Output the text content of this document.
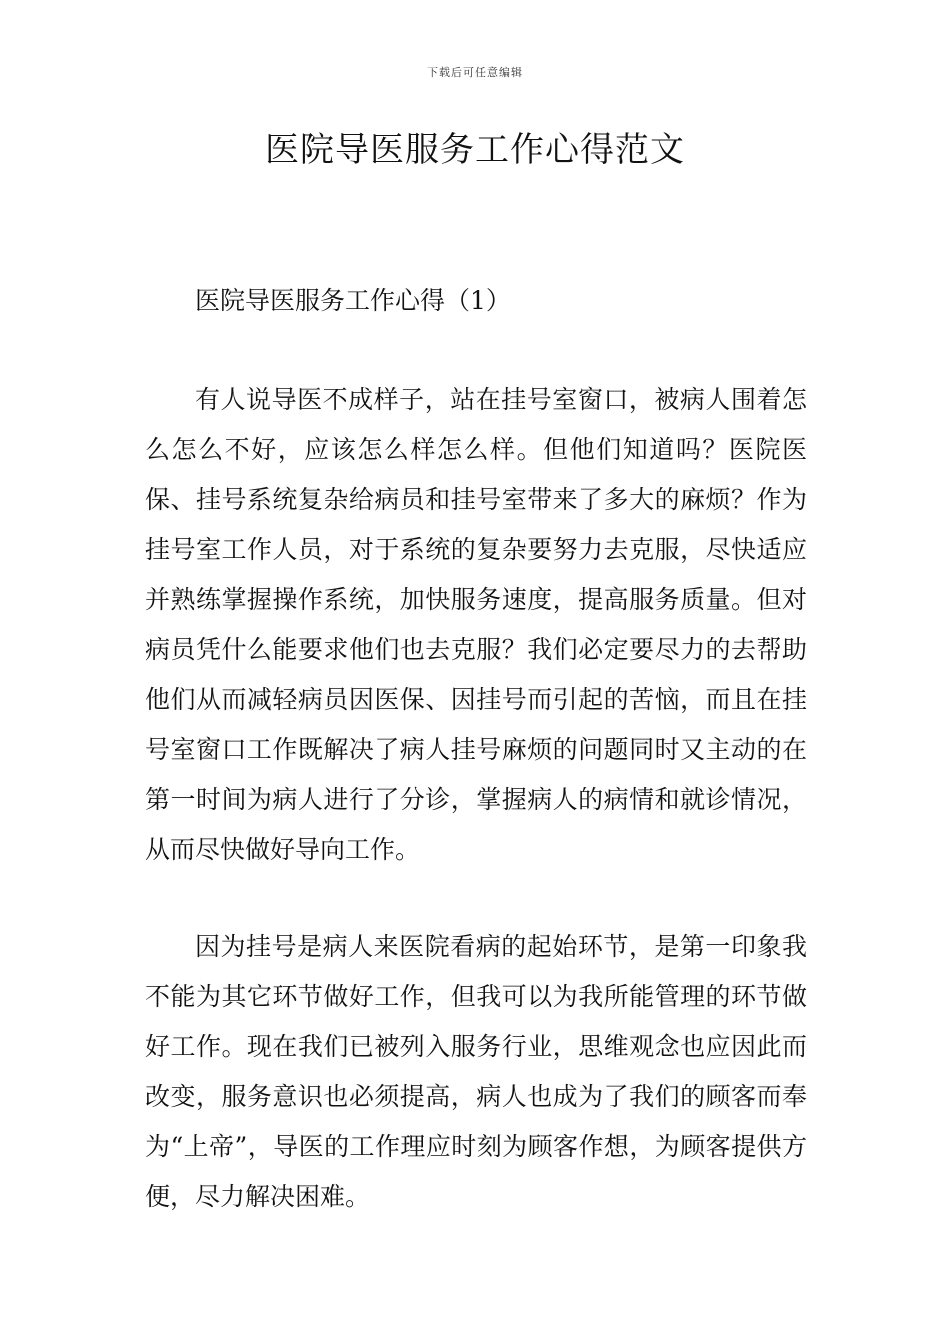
下载后可任意编辑
医院导医服务工作心得范文

医院导医服务工作心得（1）

有人说导医不成样子，站在挂号室窗口，被病人围着怎么怎么不好，应该怎么样怎么样。但他们知道吗？医院医保、挂号系统复杂给病员和挂号室带来了多大的麻烦？作为挂号室工作人员，对于系统的复杂要努力去克服，尽快适应并熟练掌握操作系统，加快服务速度，提高服务质量。但对病员凭什么能要求他们也去克服？我们必定要尽力的去帮助他们从而减轻病员因医保、因挂号而引起的苦恼，而且在挂号室窗口工作既解决了病人挂号麻烦的问题同时又主动的在第一时间为病人进行了分诊，掌握病人的病情和就诊情况，从而尽快做好导向工作。

因为挂号是病人来医院看病的起始环节，是第一印象我不能为其它环节做好工作，但我可以为我所能管理的环节做好工作。现在我们已被列入服务行业，思维观念也应因此而改变，服务意识也必须提高，病人也成为了我们的顾客而奉为“上帝”，导医的工作理应时刻为顾客作想，为顾客提供方便，尽力解决困难。
